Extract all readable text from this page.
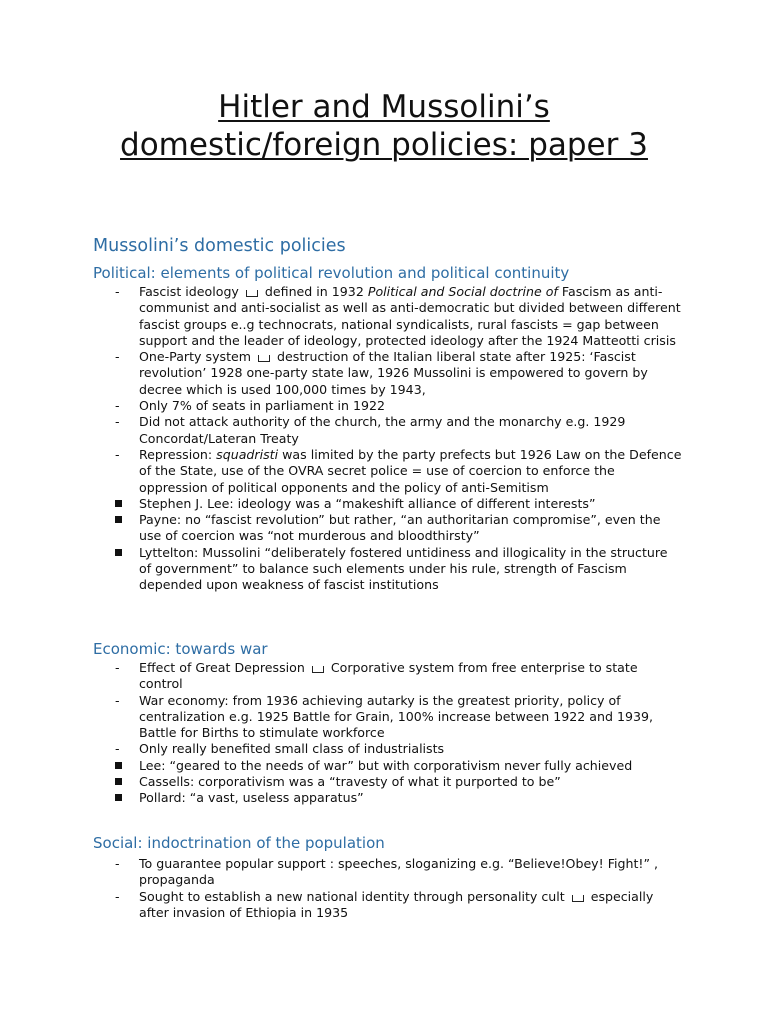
Hitler and Mussolini’s domestic/foreign policies: paper 3
Mussolini’s domestic policies
Political: elements of political revolution and political continuity
Fascist ideology defined in 1932 Political and Social doctrine of Fascism as anti-communist and anti-socialist as well as anti-democratic but divided between different fascist groups e..g technocrats, national syndicalists, rural fascists = gap between support and the leader of ideology, protected ideology after the 1924 Matteotti crisis
One-Party system destruction of the Italian liberal state after 1925: ‘Fascist revolution’ 1928 one-party state law, 1926 Mussolini is empowered to govern by decree which is used 100,000 times by 1943,
Only 7% of seats in parliament in 1922
Did not attack authority of the church, the army and the monarchy e.g. 1929 Concordat/Lateran Treaty
Repression: squadristi was limited by the party prefects but 1926 Law on the Defence of the State, use of the OVRA secret police = use of coercion to enforce the oppression of political opponents and the policy of anti-Semitism
Stephen J. Lee: ideology was a “makeshift alliance of different interests”
Payne: no “fascist revolution” but rather, “an authoritarian compromise”, even the use of coercion was “not murderous and bloodthirsty”
Lyttelton: Mussolini “deliberately fostered untidiness and illogicality in the structure of government” to balance such elements under his rule, strength of Fascism depended upon weakness of fascist institutions
Economic: towards war
Effect of Great Depression Corporative system from free enterprise to state control
War economy: from 1936 achieving autarky is the greatest priority, policy of centralization e.g. 1925 Battle for Grain, 100% increase between 1922 and 1939, Battle for Births to stimulate workforce
Only really benefited small class of industrialists
Lee: “geared to the needs of war” but with corporativism never fully achieved
Cassells: corporativism was a “travesty of what it purported to be”
Pollard: “a vast, useless apparatus”
Social: indoctrination of the population
To guarantee popular support : speeches, sloganizing e.g. “Believe!Obey! Fight!” , propaganda
Sought to establish a new national identity through personality cult especially after invasion of Ethiopia in 1935
